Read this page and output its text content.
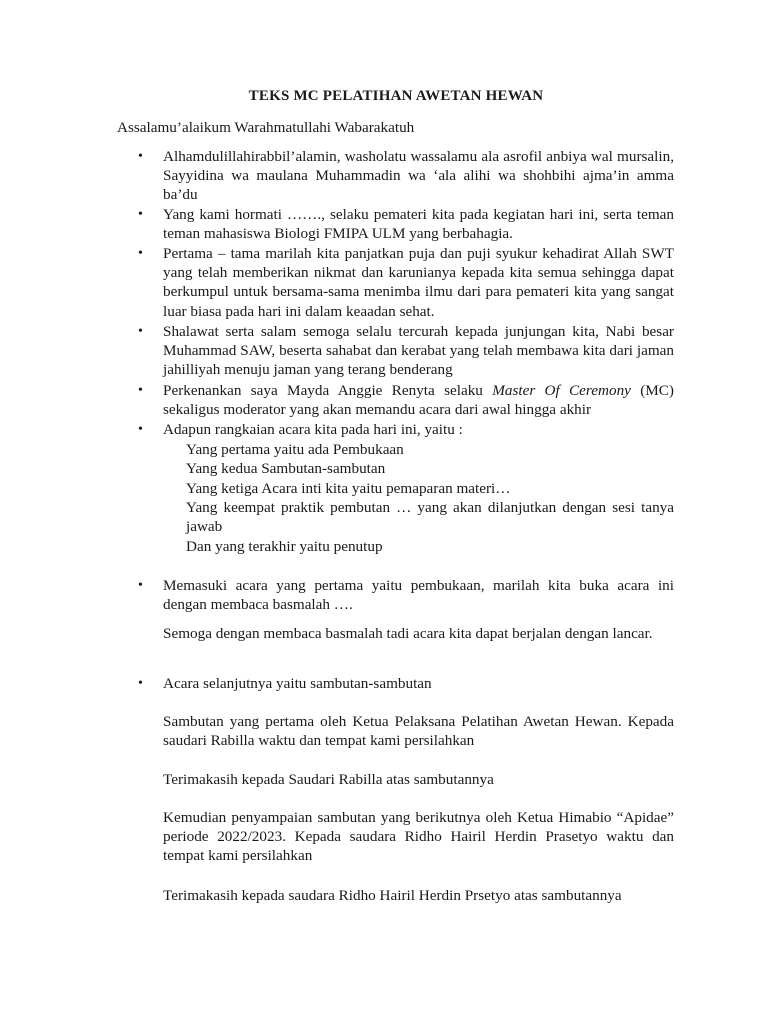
TEKS MC PELATIHAN AWETAN HEWAN
Assalamu’alaikum Warahmatullahi Wabarakatuh
• Alhamdulillahirabbil’alamin, washolatu wassalamu ala asrofil anbiya wal mursalin, Sayyidina wa maulana Muhammadin wa ‘ala alihi wa shohbihi ajma’in amma ba’du
• Yang kami hormati ……., selaku pemateri kita pada kegiatan hari ini, serta teman teman mahasiswa Biologi FMIPA ULM yang berbahagia.
• Pertama – tama marilah kita panjatkan puja dan puji syukur kehadirat Allah SWT yang telah memberikan nikmat dan karunianya kepada kita semua sehingga dapat berkumpul untuk bersama-sama menimba ilmu dari para pemateri kita yang sangat luar biasa pada hari ini dalam keaadan sehat.
• Shalawat serta salam semoga selalu tercurah kepada junjungan kita, Nabi besar Muhammad SAW, beserta sahabat dan kerabat yang telah membawa kita dari jaman jahilliyah menuju jaman yang terang benderang
• Perkenankan saya Mayda Anggie Renyta selaku Master Of Ceremony (MC) sekaligus moderator yang akan memandu acara dari awal hingga akhir
• Adapun rangkaian acara kita pada hari ini, yaitu :
Yang pertama yaitu ada Pembukaan
Yang kedua Sambutan-sambutan
Yang ketiga Acara inti kita yaitu pemaparan materi…
Yang keempat praktik pembutan … yang akan dilanjutkan dengan sesi tanya jawab
Dan yang terakhir yaitu penutup
• Memasuki acara yang pertama yaitu pembukaan, marilah kita buka acara ini dengan membaca basmalah ….
Semoga dengan membaca basmalah tadi acara kita dapat berjalan dengan lancar.
• Acara selanjutnya yaitu sambutan-sambutan
Sambutan yang pertama oleh Ketua Pelaksana Pelatihan Awetan Hewan. Kepada saudari Rabilla waktu dan tempat kami persilahkan
Terimakasih kepada Saudari Rabilla atas sambutannya
Kemudian penyampaian sambutan yang berikutnya oleh Ketua Himabio “Apidae” periode 2022/2023. Kepada saudara Ridho Hairil Herdin Prasetyo waktu dan tempat kami persilahkan
Terimakasih kepada saudara Ridho Hairil Herdin Prsetyo atas sambutannya
